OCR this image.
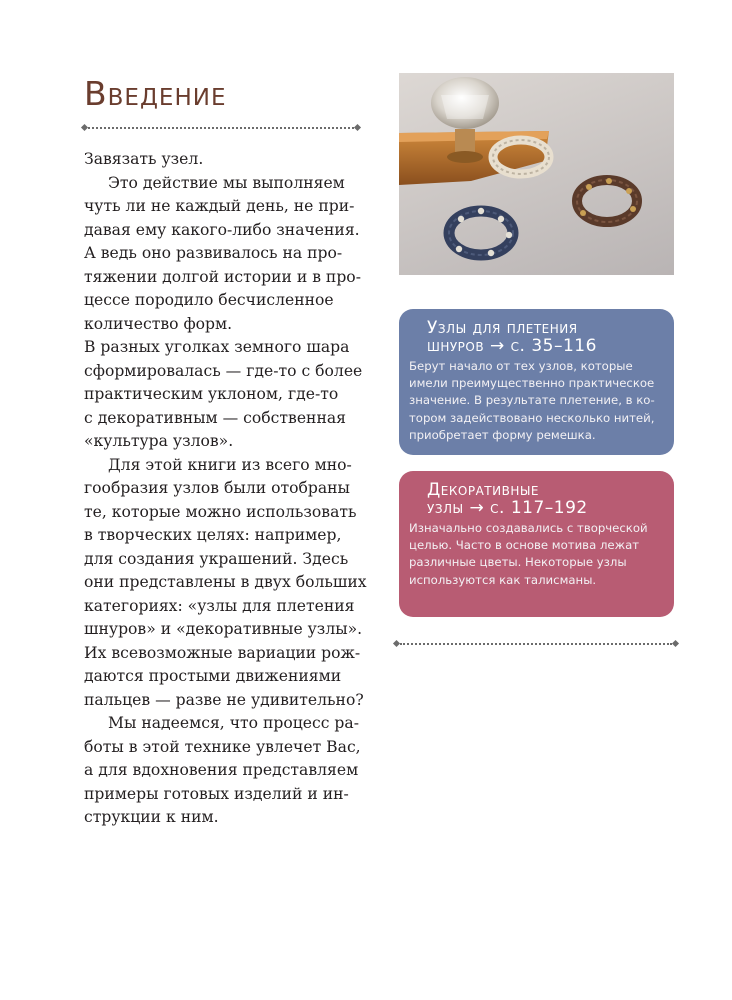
Введение
Завязать узел.
Это действие мы выполняем
чуть ли не каждый день, не при-
давая ему какого-либо значения.
А ведь оно развивалось на про-
тяжении долгой истории и в про-
цессе породило бесчисленное
количество форм.
В разных уголках земного шара
сформировалась — где-то с более
практическим уклоном, где-то
с декоративным — собственная
«культура узлов».
Для этой книги из всего мно-
гообразия узлов были отобраны
те, которые можно использовать
в творческих целях: например,
для создания украшений. Здесь
они представлены в двух больших
категориях: «узлы для плетения
шнуров» и «декоративные узлы».
Их всевозможные вариации рож-
даются простыми движениями
пальцев — разве не удивительно?
Мы надеемся, что процесс ра-
боты в этой технике увлечет Вас,
а для вдохновения представляем
примеры готовых изделий и ин-
струкции к ним.
Узлы для плетения
шнуров → с. 35–116
Берут начало от тех узлов, которые
имели преимущественно практическое
значение. В результате плетение, в ко-
тором задействовано несколько нитей,
приобретает форму ремешка.
Декоративные
узлы → с. 117–192
Изначально создавались с творческой
целью. Часто в основе мотива лежат
различные цветы. Некоторые узлы
используются как талисманы.
